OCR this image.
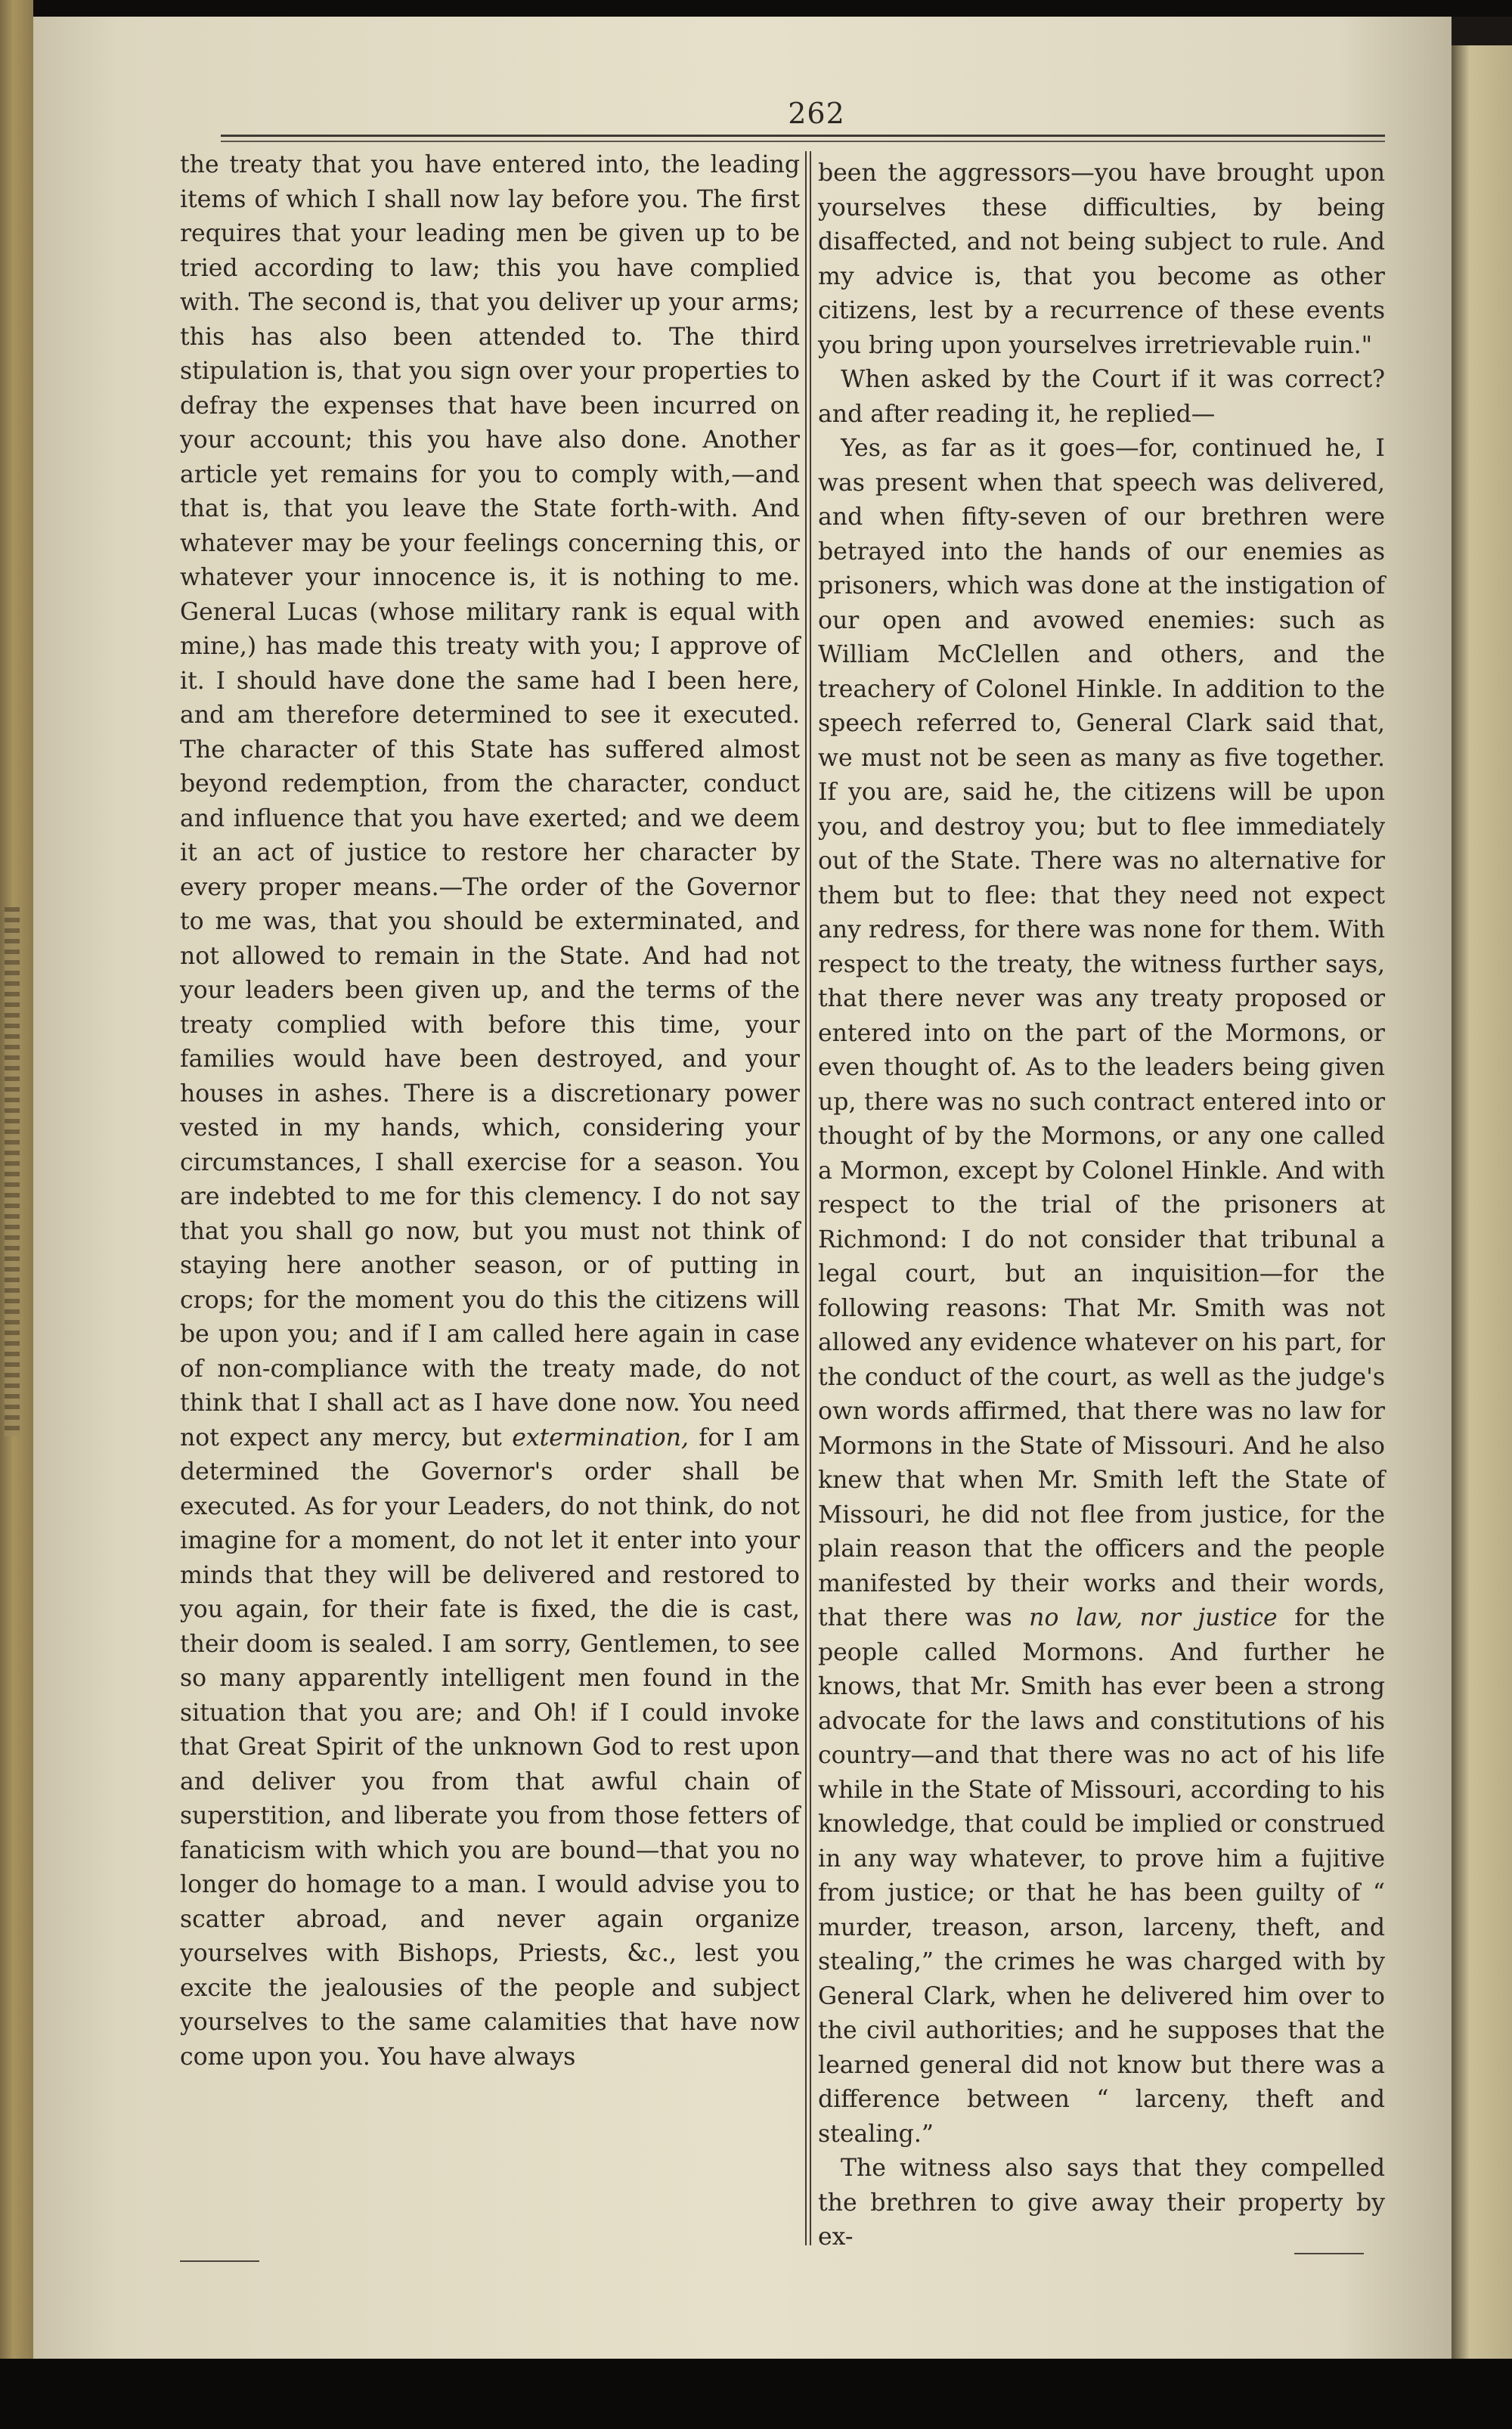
262

the treaty that you have entered into, the leading items of which I shall now lay before you. The first requires that your leading men be given up to be tried according to law; this you have complied with. The second is, that you deliver up your arms; this has also been attended to. The third stipulation is, that you sign over your properties to defray the expenses that have been incurred on your account; this you have also done. Another article yet remains for you to comply with,—and that is, that you leave the State forth-with. And whatever may be your feelings concerning this, or whatever your innocence is, it is nothing to me. General Lucas (whose military rank is equal with mine,) has made this treaty with you; I approve of it. I should have done the same had I been here, and am therefore determined to see it executed. The character of this State has suffered almost beyond redemption, from the character, conduct and influence that you have exerted; and we deem it an act of justice to restore her character by every proper means.—The order of the Governor to me was, that you should be exterminated, and not allowed to remain in the State. And had not your leaders been given up, and the terms of the treaty complied with before this time, your families would have been destroyed, and your houses in ashes. There is a discretionary power vested in my hands, which, considering your circumstances, I shall exercise for a season. You are indebted to me for this clemency. I do not say that you shall go now, but you must not think of staying here another season, or of putting in crops; for the moment you do this the citizens will be upon you; and if I am called here again in case of non-compliance with the treaty made, do not think that I shall act as I have done now. You need not expect any mercy, but extermination, for I am determined the Governor's order shall be executed. As for your Leaders, do not think, do not imagine for a moment, do not let it enter into your minds that they will be delivered and restored to you again, for their fate is fixed, the die is cast, their doom is sealed. I am sorry, Gentlemen, to see so many apparently intelligent men found in the situation that you are; and Oh! if I could invoke that Great Spirit of the unknown God to rest upon and deliver you from that awful chain of superstition, and liberate you from those fetters of fanaticism with which you are bound—that you no longer do homage to a man. I would advise you to scatter abroad, and never again organize yourselves with Bishops, Priests, &c., lest you excite the jealousies of the people and subject yourselves to the same calamities that have now come upon you. You have always

been the aggressors—you have brought upon yourselves these difficulties, by being disaffected, and not being subject to rule. And my advice is, that you become as other citizens, lest by a recurrence of these events you bring upon yourselves irretrievable ruin."

When asked by the Court if it was correct? and after reading it, he replied—

Yes, as far as it goes—for, continued he, I was present when that speech was delivered, and when fifty-seven of our brethren were betrayed into the hands of our enemies as prisoners, which was done at the instigation of our open and avowed enemies: such as William McClellen and others, and the treachery of Colonel Hinkle. In addition to the speech referred to, General Clark said that, we must not be seen as many as five together. If you are, said he, the citizens will be upon you, and destroy you; but to flee immediately out of the State. There was no alternative for them but to flee: that they need not expect any redress, for there was none for them. With respect to the treaty, the witness further says, that there never was any treaty proposed or entered into on the part of the Mormons, or even thought of. As to the leaders being given up, there was no such contract entered into or thought of by the Mormons, or any one called a Mormon, except by Colonel Hinkle. And with respect to the trial of the prisoners at Richmond: I do not consider that tribunal a legal court, but an inquisition—for the following reasons: That Mr. Smith was not allowed any evidence whatever on his part, for the conduct of the court, as well as the judge's own words affirmed, that there was no law for Mormons in the State of Missouri. And he also knew that when Mr. Smith left the State of Missouri, he did not flee from justice, for the plain reason that the officers and the people manifested by their works and their words, that there was no law, nor justice for the people called Mormons. And further he knows, that Mr. Smith has ever been a strong advocate for the laws and constitutions of his country—and that there was no act of his life while in the State of Missouri, according to his knowledge, that could be implied or construed in any way whatever, to prove him a fujitive from justice; or that he has been guilty of “ murder, treason, arson, larceny, theft, and stealing,” the crimes he was charged with by General Clark, when he delivered him over to the civil authorities; and he supposes that the learned general did not know but there was a difference between “ larceny, theft and stealing.”

The witness also says that they compelled the brethren to give away their property by ex-
